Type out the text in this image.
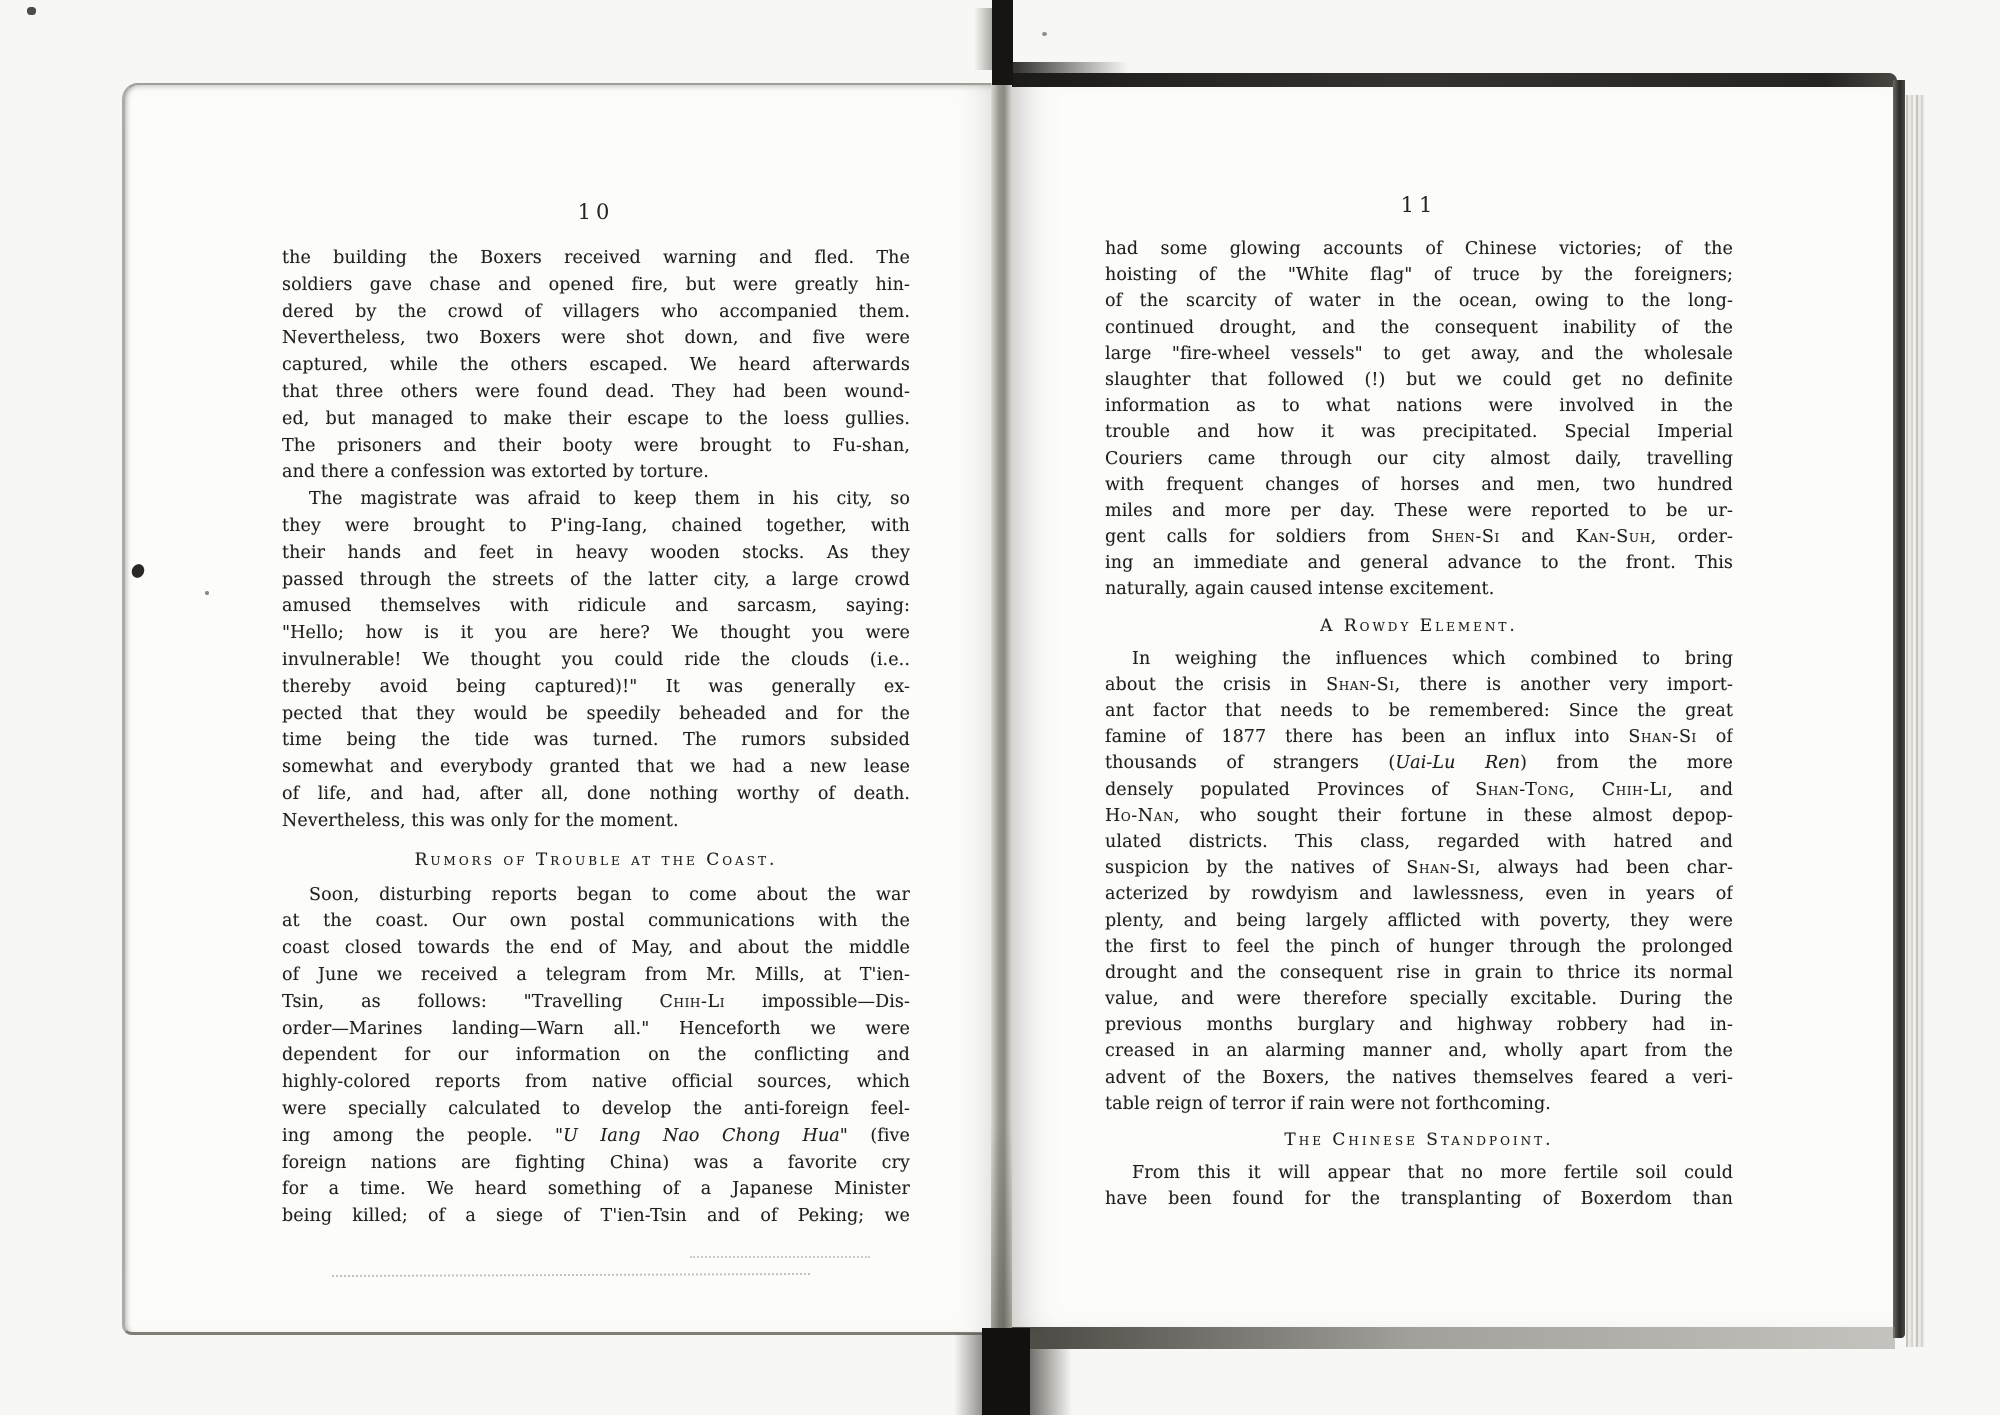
10	11
the building the Boxers received warning and fled. The
soldiers gave chase and opened fire, but were greatly hin-
dered by the crowd of villagers who accompanied them.
Nevertheless, two Boxers were shot down, and five were
captured, while the others escaped. We heard afterwards
that three others were found dead. They had been wound-
ed, but managed to make their escape to the loess gullies.
The prisoners and their booty were brought to Fu-shan,
and there a confession was extorted by torture.
The magistrate was afraid to keep them in his city, so
they were brought to P'ing-Iang, chained together, with
their hands and feet in heavy wooden stocks. As they
passed through the streets of the latter city, a large crowd
amused themselves with ridicule and sarcasm, saying:
"Hello; how is it you are here? We thought you were
invulnerable! We thought you could ride the clouds (i.e..
thereby avoid being captured)!" It was generally ex-
pected that they would be speedily beheaded and for the
time being the tide was turned. The rumors subsided
somewhat and everybody granted that we had a new lease
of life, and had, after all, done nothing worthy of death.
Nevertheless, this was only for the moment.
Rumors of Trouble at the Coast.
Soon, disturbing reports began to come about the war
at the coast. Our own postal communications with the
coast closed towards the end of May, and about the middle
of June we received a telegram from Mr. Mills, at T'ien-
Tsin, as follows: "Travelling Chih-Li impossible—Dis-
order—Marines landing—Warn all." Henceforth we were
dependent for our information on the conflicting and
highly-colored reports from native official sources, which
were specially calculated to develop the anti-foreign feel-
ing among the people. "U Iang Nao Chong Hua" (five
foreign nations are fighting China) was a favorite cry
for a time. We heard something of a Japanese Minister
being killed; of a siege of T'ien-Tsin and of Peking; we
had some glowing accounts of Chinese victories; of the
hoisting of the "White flag" of truce by the foreigners;
of the scarcity of water in the ocean, owing to the long-
continued drought, and the consequent inability of the
large "fire-wheel vessels" to get away, and the wholesale
slaughter that followed (!) but we could get no definite
information as to what nations were involved in the
trouble and how it was precipitated. Special Imperial
Couriers came through our city almost daily, travelling
with frequent changes of horses and men, two hundred
miles and more per day. These were reported to be ur-
gent calls for soldiers from Shen-Si and Kan-Suh, order-
ing an immediate and general advance to the front. This
naturally, again caused intense excitement.
A Rowdy Element.
In weighing the influences which combined to bring
about the crisis in Shan-Si, there is another very import-
ant factor that needs to be remembered: Since the great
famine of 1877 there has been an influx into Shan-Si of
thousands of strangers (Uai-Lu Ren) from the more
densely populated Provinces of Shan-Tong, Chih-Li, and
Ho-Nan, who sought their fortune in these almost depop-
ulated districts. This class, regarded with hatred and
suspicion by the natives of Shan-Si, always had been char-
acterized by rowdyism and lawlessness, even in years of
plenty, and being largely afflicted with poverty, they were
the first to feel the pinch of hunger through the prolonged
drought and the consequent rise in grain to thrice its normal
value, and were therefore specially excitable. During the
previous months burglary and highway robbery had in-
creased in an alarming manner and, wholly apart from the
advent of the Boxers, the natives themselves feared a veri-
table reign of terror if rain were not forthcoming.
The Chinese Standpoint.
From this it will appear that no more fertile soil could
have been found for the transplanting of Boxerdom than
